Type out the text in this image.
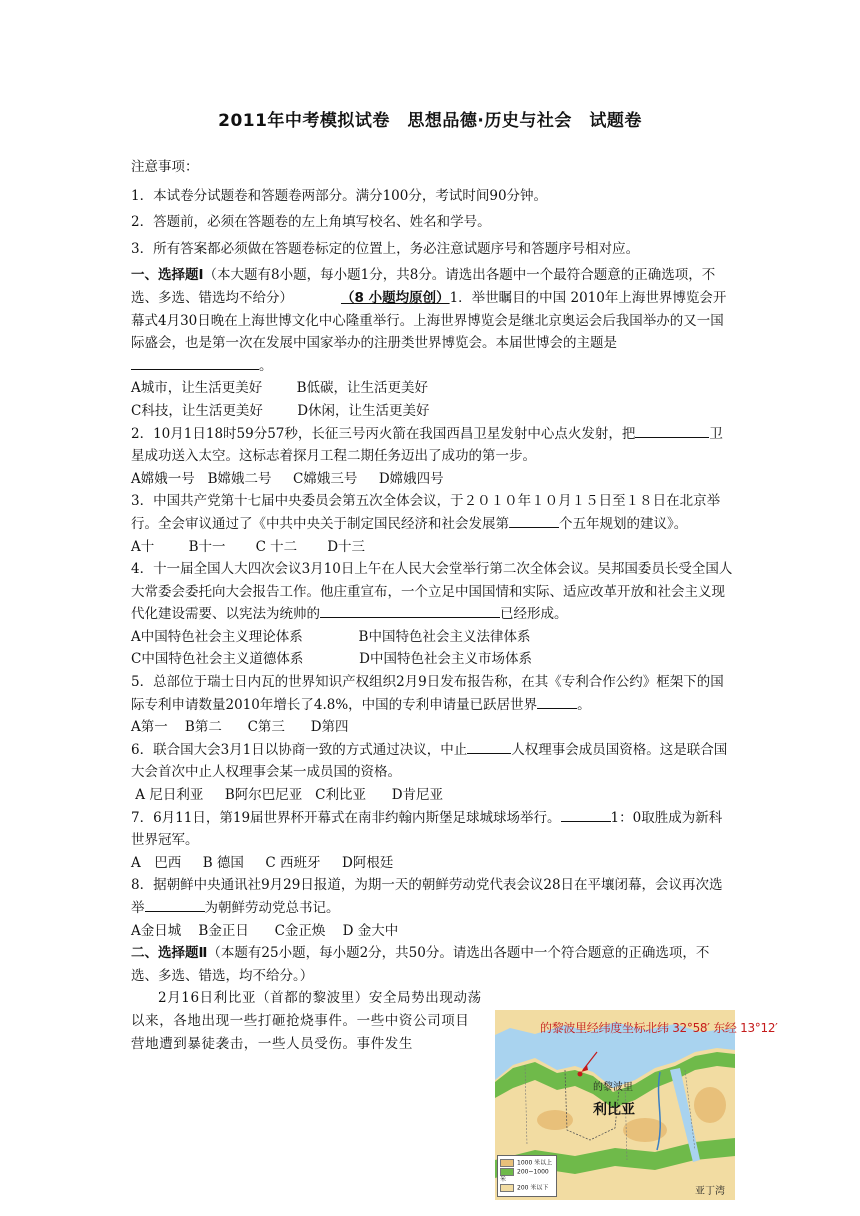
2011年中考模拟试卷　思想品德·历史与社会　试题卷

注意事项：

1．本试卷分试题卷和答题卷两部分。满分100分，考试时间90分钟。

2．答题前，必须在答题卷的左上角填写校名、姓名和学号。

3．所有答案都必须做在答题卷标定的位置上，务必注意试题序号和答题序号相对应。

一、选择题Ⅰ（本大题有8小题，每小题1分，共8分。请选出各题中一个最符合题意的正确选项，不选、多选、错选均不给分）	（8 小题均原创）1．举世瞩目的中国 2010年上海世界博览会开幕式4月30日晚在上海世博文化中心隆重举行。上海世界博览会是继北京奥运会后我国举办的又一国际盛会，也是第一次在发展中国家举办的注册类世界博览会。本届世博会的主题是。

A城市，让生活更美好	B低碳，让生活更美好

C科技，让生活更美好	D休闲，让生活更美好

2．10月1日18时59分57秒，长征三号丙火箭在我国西昌卫星发射中心点火发射，把	卫星成功送入太空。这标志着探月工程二期任务迈出了成功的第一步。

A嫦娥一号 B嫦娥二号 C嫦娥三号 D嫦娥四号

3．中国共产党第十七届中央委员会第五次全体会议，于２０１０年１０月１５日至１８日在北京举行。全会审议通过了《中共中央关于制定国民经济和社会发展第	个五年规划的建议》。

A十	B十一 C 十二 D十三

4．十一届全国人大四次会议3月10日上午在人民大会堂举行第二次全体会议。吴邦国委员长受全国人大常委会委托向大会报告工作。他庄重宣布，一个立足中国国情和实际、适应改革开放和社会主义现代化建设需要、以宪法为统帅的	已经形成。

A中国特色社会主义理论体系	B中国特色社会主义法律体系

C中国特色社会主义道德体系	D中国特色社会主义市场体系

5．总部位于瑞士日内瓦的世界知识产权组织2月9日发布报告称，在其《专利合作公约》框架下的国际专利申请数量2010年增长了4.8%，中国的专利申请量已跃居世界	。

A第一 B第二 C第三 D第四

6．联合国大会3月1日以协商一致的方式通过决议，中止	人权理事会成员国资格。这是联合国大会首次中止人权理事会某一成员国的资格。

A 尼日利亚 B阿尔巴尼亚 C利比亚 D肯尼亚

7．6月11日，第19届世界杯开幕式在南非约翰内斯堡足球城球场举行。	1：0取胜成为新科世界冠军。

A　巴西 B 德国 C 西班牙 D阿根廷

8．据朝鲜中央通讯社9月29日报道，为期一天的朝鲜劳动党代表会议28日在平壤闭幕，会议再次选举	为朝鲜劳动党总书记。

A金日城 B金正日 C金正焕 D 金大中

二、选择题Ⅱ（本题有25小题，每小题2分，共50分。请选出各题中一个符合题意的正确选项，不选、多选、错选，均不给分。）

2月16日利比亚（首都的黎波里）安全局势出现动荡以来，各地出现一些打砸抢烧事件。一些中资公司项目营地遭到暴徒袭击，一些人员受伤。事件发生

的黎波里
利比亚
亚丁湾
的黎波里经纬度坐标北纬 32°58′ 东经 13°12′
1000 米以上
200~1000 米
200 米以下
